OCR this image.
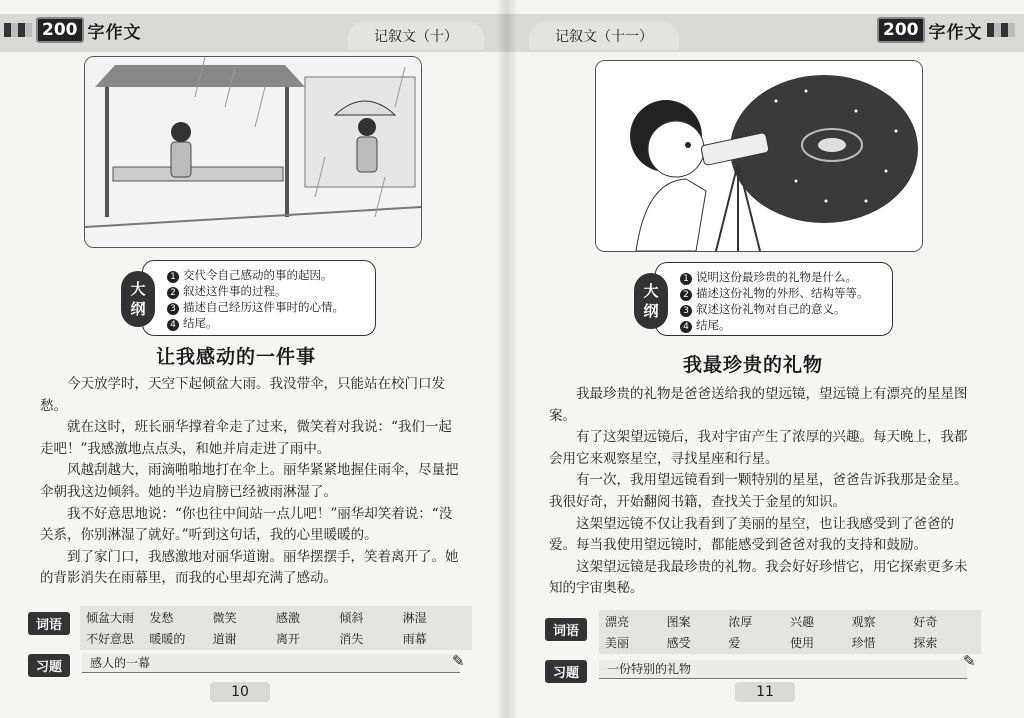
200 字作文	记叙文（十）
大
纲
1 交代令自己感动的事的起因。
2 叙述这件事的过程。
3 描述自己经历这件事时的心情。
4 结尾。
让我感动的一件事

今天放学时，天空下起倾盆大雨。我没带伞，只能站在校门口发愁。

就在这时，班长丽华撑着伞走了过来，微笑着对我说：“我们一起走吧！”我感激地点点头，和她并肩走进了雨中。

风越刮越大，雨滴啪啪地打在伞上。丽华紧紧地握住雨伞，尽量把伞朝我这边倾斜。她的半边肩膀已经被雨淋湿了。

我不好意思地说：“你也往中间站一点儿吧！”丽华却笑着说：“没关系，你别淋湿了就好。”听到这句话，我的心里暖暖的。

到了家门口，我感激地对丽华道谢。丽华摆摆手，笑着离开了。她的背影消失在雨幕里，而我的心里却充满了感动。

词语	倾盆大雨	发愁	微笑	感激	倾斜	淋湿
不好意思	暖暖的	道谢	离开	消失	雨幕
习题	感人的一幕	✎
10
记叙文（十一）	200 字作文
大
纲
1 说明这份最珍贵的礼物是什么。
2 描述这份礼物的外形、结构等等。
3 叙述这份礼物对自己的意义。
4 结尾。
我最珍贵的礼物

我最珍贵的礼物是爸爸送给我的望远镜，望远镜上有漂亮的星星图案。

有了这架望远镜后，我对宇宙产生了浓厚的兴趣。每天晚上，我都会用它来观察星空，寻找星座和行星。

有一次，我用望远镜看到一颗特别的星星，爸爸告诉我那是金星。我很好奇，开始翻阅书籍，查找关于金星的知识。

这架望远镜不仅让我看到了美丽的星空，也让我感受到了爸爸的爱。每当我使用望远镜时，都能感受到爸爸对我的支持和鼓励。

这架望远镜是我最珍贵的礼物。我会好好珍惜它，用它探索更多未知的宇宙奥秘。

词语
漂亮	图案	浓厚	兴趣	观察	好奇
美丽	感受	爱	使用	珍惜	探索
习题	一份特别的礼物	✎
11
